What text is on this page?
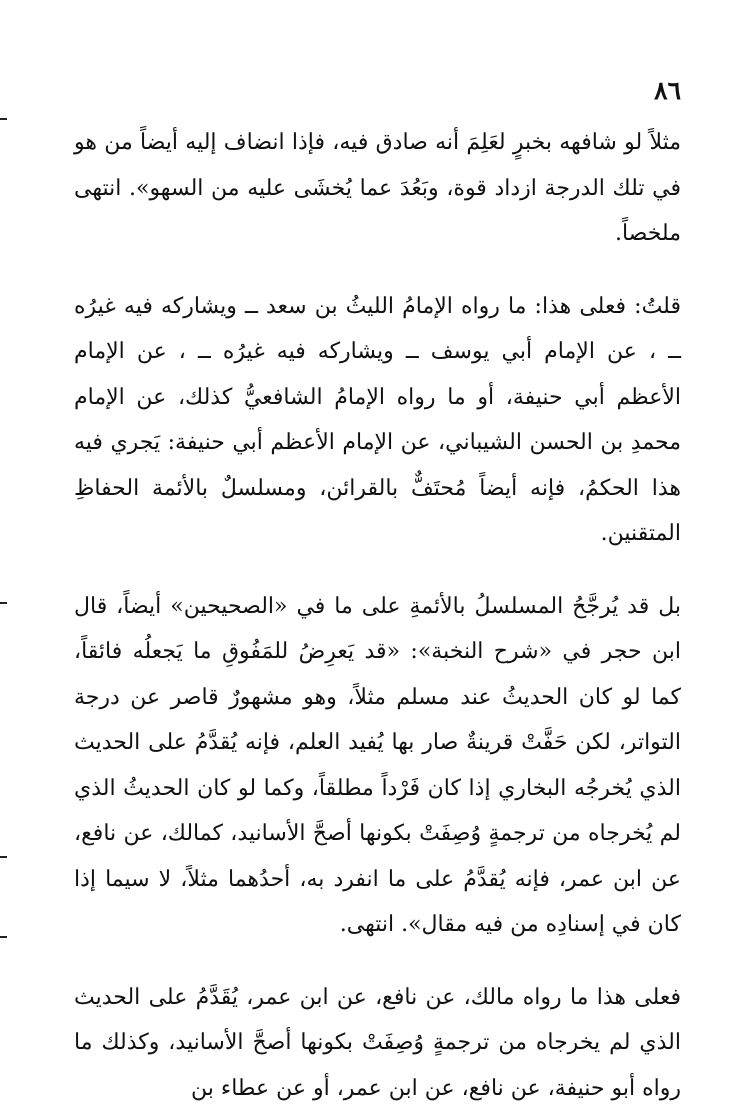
٨٦

مثلاً لو شافهه بخبرٍ لعَلِمَ أنه صادق فيه، فإذا انضاف إليه أيضاً من هو في تلك الدرجة ازداد قوة، وبَعُدَ عما يُخشَى عليه من السهو». انتهى ملخصاً.

قلتُ: فعلى هذا: ما رواه الإمامُ الليثُ بن سعد ــ ويشاركه فيه غيرُه ــ ، عن الإمام أبي يوسف ــ ويشاركه فيه غيرُه ــ ، عن الإمام الأعظم أبي حنيفة، أو ما رواه الإمامُ الشافعيُّ كذلك، عن الإمام محمدِ بن الحسن الشيباني، عن الإمام الأعظم أبي حنيفة: يَجري فيه هذا الحكمُ، فإنه أيضاً مُحتَفٌّ بالقرائن، ومسلسلٌ بالأئمة الحفاظِ المتقنين.

بل قد يُرجَّحُ المسلسلُ بالأئمةِ على ما في «الصحيحين» أيضاً، قال ابن حجر في «شرح النخبة»: «قد يَعرِضُ للمَفُوقِ ما يَجعلُه فائقاً، كما لو كان الحديثُ عند مسلم مثلاً، وهو مشهورٌ قاصر عن درجة التواتر، لكن حَفَّتْ قرينةٌ صار بها يُفيد العلم، فإنه يُقدَّمُ على الحديث الذي يُخرجُه البخاري إذا كان فَرْداً مطلقاً، وكما لو كان الحديثُ الذي لم يُخرجاه من ترجمةٍ وُصِفَتْ بكونها أصحَّ الأسانيد، كمالك، عن نافع، عن ابن عمر، فإنه يُقدَّمُ على ما انفرد به، أحدُهما مثلاً، لا سيما إذا كان في إسنادِه من فيه مقال». انتهى.

فعلى هذا ما رواه مالك، عن نافع، عن ابن عمر، يُقَدَّمُ على الحديث الذي لم يخرجاه من ترجمةٍ وُصِفَتْ بكونها أصحَّ الأسانيد، وكذلك ما رواه أبو حنيفة، عن نافع، عن ابن عمر، أو عن عطاء بن
